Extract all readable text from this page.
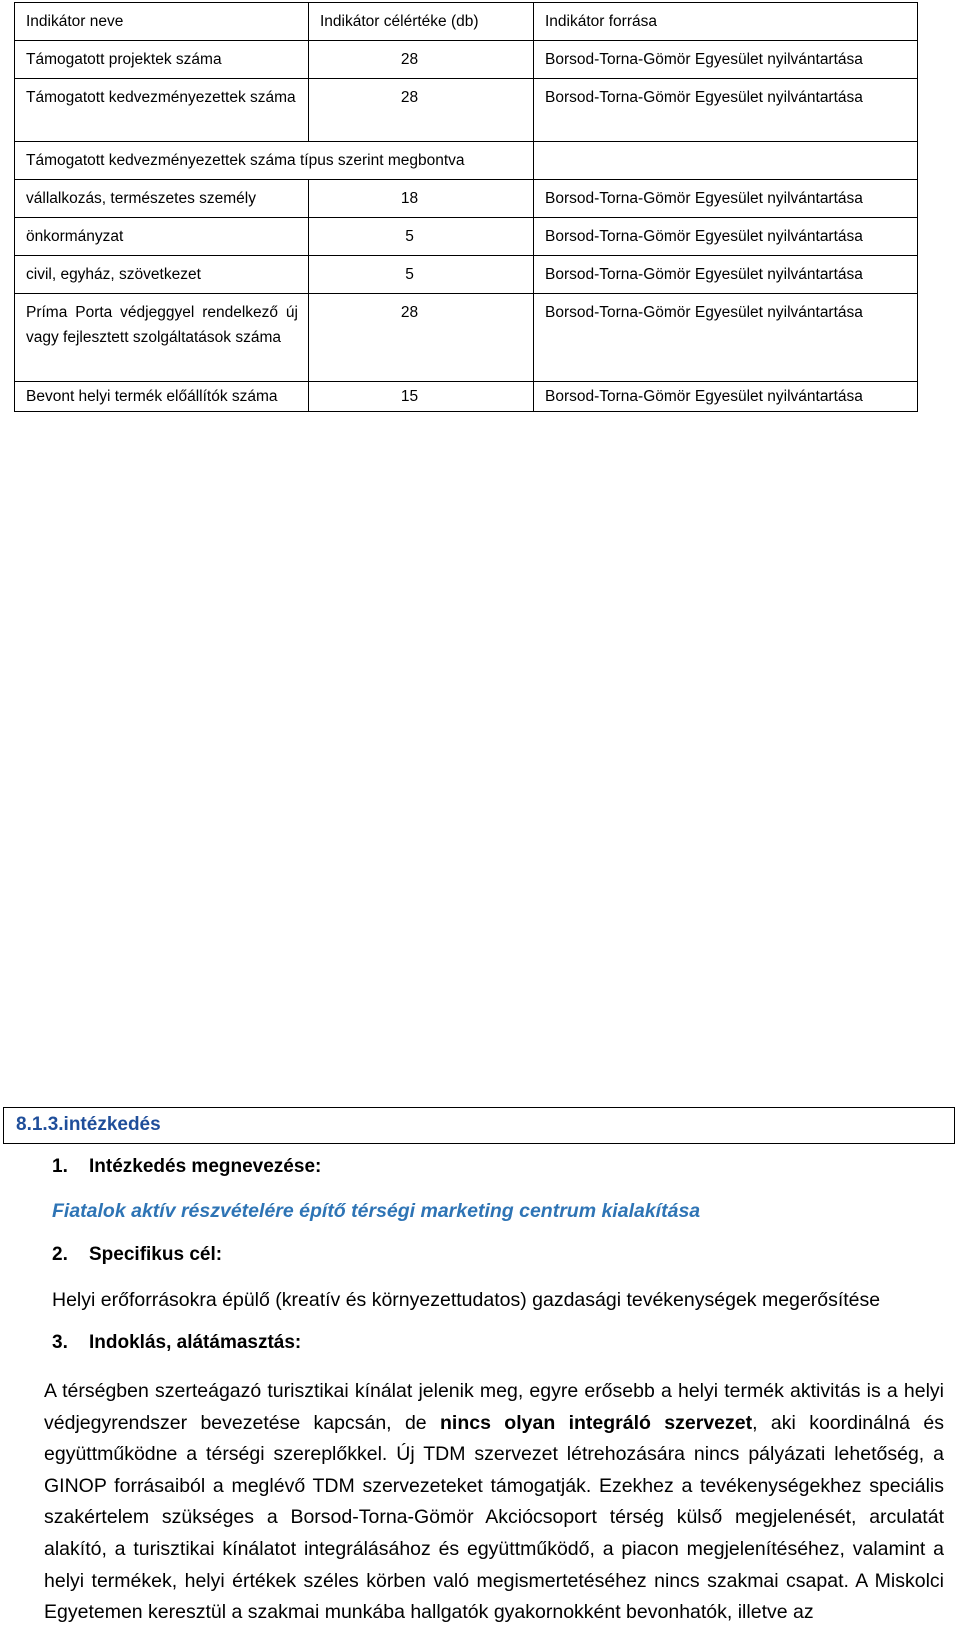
Indikátor neve	Indikátor célértéke (db)	Indikátor forrása
Támogatott projektek száma	28	Borsod-Torna-Gömör Egyesület nyilvántartása
Támogatott kedvezményezettek száma	28	Borsod-Torna-Gömör Egyesület nyilvántartása
Támogatott kedvezményezettek száma típus szerint megbontva		
vállalkozás, természetes személy	18	Borsod-Torna-Gömör Egyesület nyilvántartása
önkormányzat	5	Borsod-Torna-Gömör Egyesület nyilvántartása
civil, egyház, szövetkezet	5	Borsod-Torna-Gömör Egyesület nyilvántartása
Príma Porta védjeggyel rendelkező új vagy fejlesztett szolgáltatások száma	28	Borsod-Torna-Gömör Egyesület nyilvántartása
Bevont helyi termék előállítók száma	15	Borsod-Torna-Gömör Egyesület nyilvántartása
8.1.3.intézkedés
1. Intézkedés megnevezése:
Fiatalok aktív részvételére építő térségi marketing centrum kialakítása
2. Specifikus cél:
Helyi erőforrásokra épülő (kreatív és környezettudatos) gazdasági tevékenységek megerősítése
3. Indoklás, alátámasztás:
A térségben szerteágazó turisztikai kínálat jelenik meg, egyre erősebb a helyi termék aktivitás is a helyi védjegyrendszer bevezetése kapcsán, de nincs olyan integráló szervezet, aki koordinálná és együttműködne a térségi szereplőkkel. Új TDM szervezet létrehozására nincs pályázati lehetőség, a GINOP forrásaiból a meglévő TDM szervezeteket támogatják. Ezekhez a tevékenységekhez speciális szakértelem szükséges a Borsod-Torna-Gömör Akciócsoport térség külső megjelenését, arculatát alakító, a turisztikai kínálatot integrálásához és együttműködő, a piacon megjelenítéséhez, valamint a helyi termékek, helyi értékek széles körben való megismertetéséhez nincs szakmai csapat. A Miskolci Egyetemen keresztül a szakmai munkába hallgatók gyakornokként bevonhatók, illetve az
